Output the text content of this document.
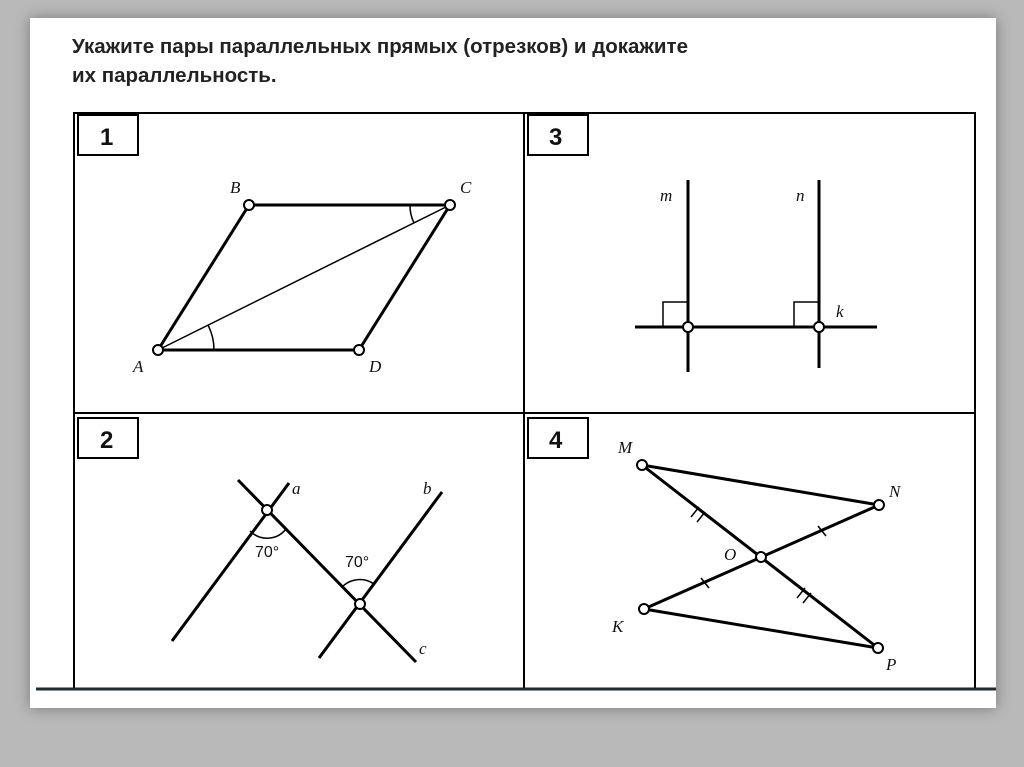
Укажите пары параллельных прямых (отрезков) и докажите
их параллельность.
1	3
2	4
A
B	C
D
m	n
k
a	b
c
70°
70°
M
N
O
K
P
